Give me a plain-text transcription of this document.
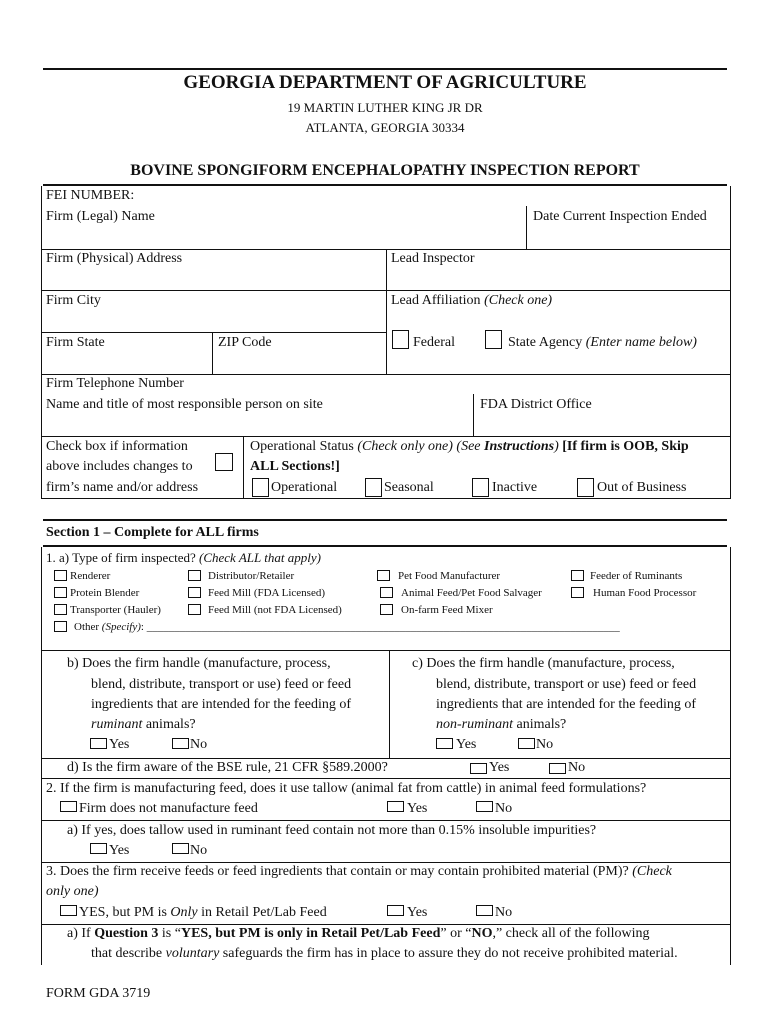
GEORGIA DEPARTMENT OF AGRICULTURE
19 MARTIN LUTHER KING JR DR
ATLANTA, GEORGIA 30334
BOVINE SPONGIFORM ENCEPHALOPATHY INSPECTION REPORT
FEI NUMBER:
Firm (Legal) Name	Date Current Inspection Ended
Firm (Physical) Address	Lead Inspector
Firm City	Lead Affiliation (Check one)
Firm State	ZIP Code	Federal	State Agency (Enter name below)
Firm Telephone Number
Name and title of most responsible person on site	FDA District Office
Check box if information
above includes changes to
firm’s name and/or address
Operational Status (Check only one) (See Instructions) [If firm is OOB, Skip
ALL Sections!]
Operational	Seasonal	Inactive	Out of Business
Section 1 – Complete for ALL firms
1. a) Type of firm inspected? (Check ALL that apply)
Renderer	Distributor/Retailer	Pet Food Manufacturer	Feeder of Ruminants
Protein Blender	Feed Mill (FDA Licensed)	Animal Feed/Pet Food Salvager	Human Food Processor
Transporter (Hauler)	Feed Mill (not FDA Licensed)	On-farm Feed Mixer
Other (Specify): ______________________________________________________________________________________
b) Does the firm handle (manufacture, process,
blend, distribute, transport or use) feed or feed
ingredients that are intended for the feeding of
ruminant animals?
Yes	No
c) Does the firm handle (manufacture, process,
blend, distribute, transport or use) feed or feed
ingredients that are intended for the feeding of
non-ruminant animals?
Yes	No
d) Is the firm aware of the BSE rule, 21 CFR §589.2000?	Yes	No
2. If the firm is manufacturing feed, does it use tallow (animal fat from cattle) in animal feed formulations?
Firm does not manufacture feed	Yes	No
a) If yes, does tallow used in ruminant feed contain not more than 0.15% insoluble impurities?
Yes	No
3. Does the firm receive feeds or feed ingredients that contain or may contain prohibited material (PM)? (Check
only one)
YES, but PM is Only in Retail Pet/Lab Feed	Yes	No
a) If Question 3 is “YES, but PM is only in Retail Pet/Lab Feed” or “NO,” check all of the following
that describe voluntary safeguards the firm has in place to assure they do not receive prohibited material.
FORM GDA 3719
